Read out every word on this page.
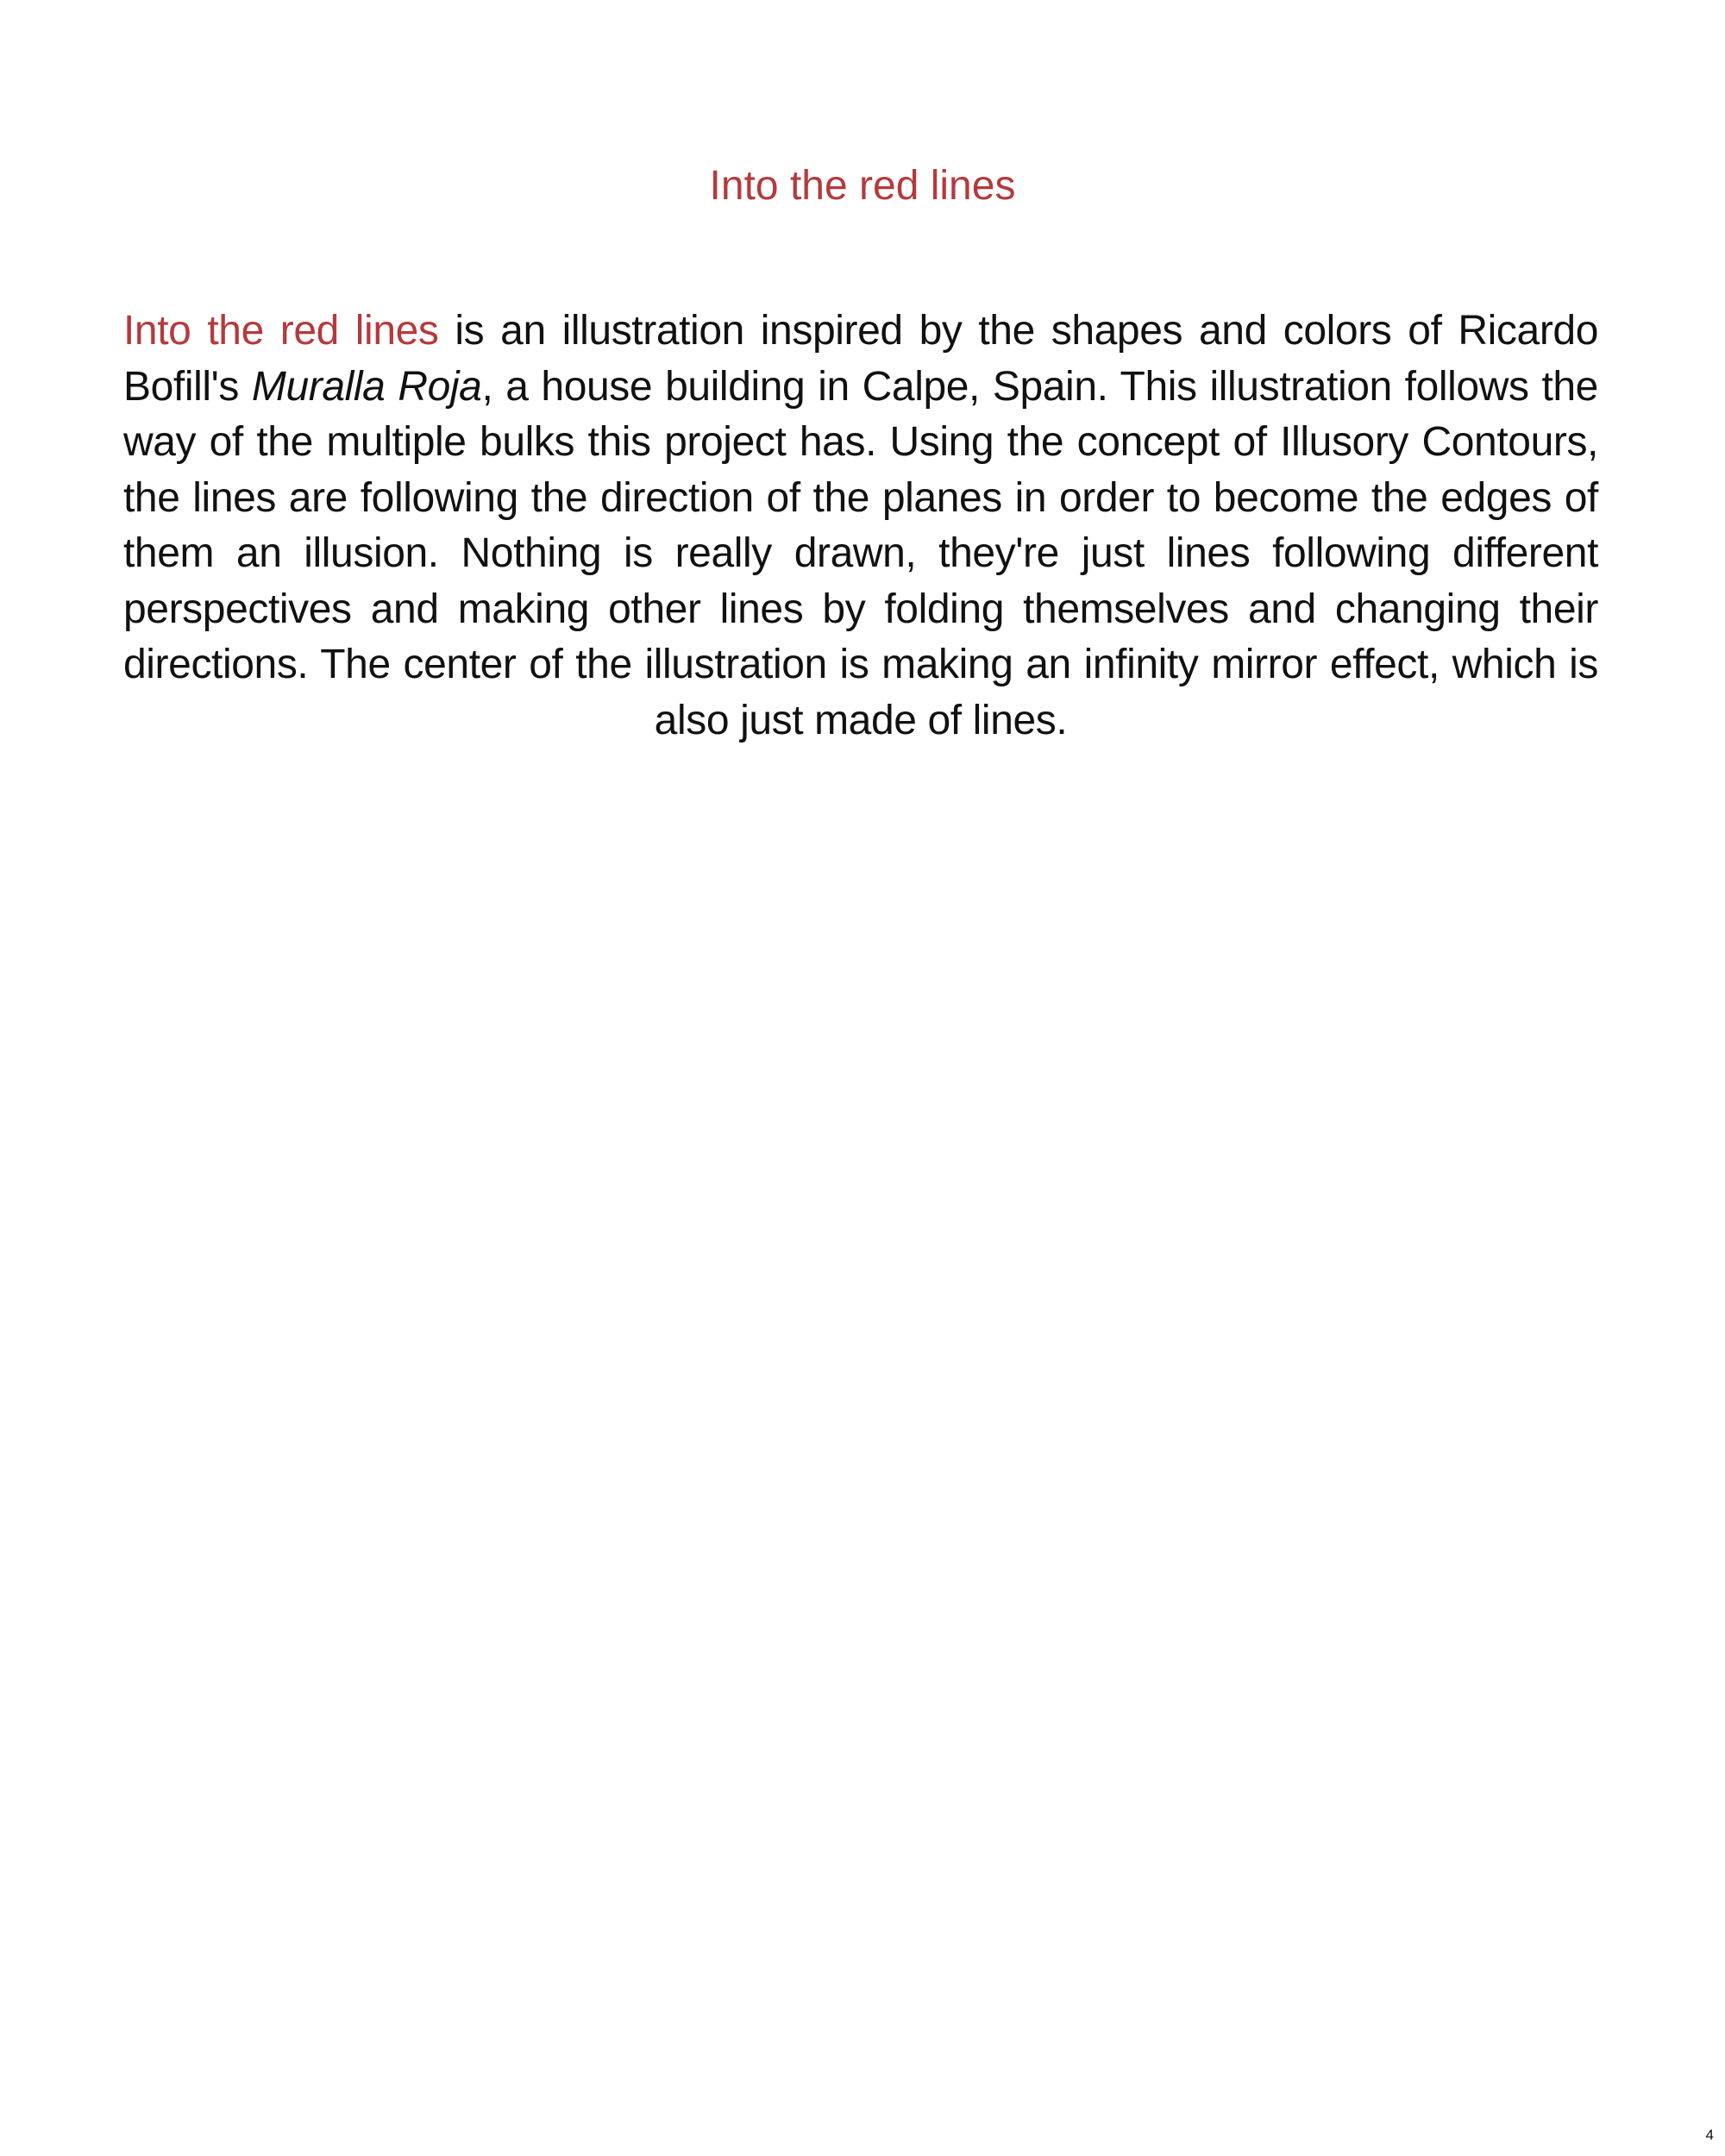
Into the red lines

Into the red lines is an illustration inspired by the shapes and colors of Ricardo Bofill's Muralla Roja, a house building in Calpe, Spain. This illustration follows the way of the multiple bulks this project has. Using the concept of Illusory Contours, the lines are following the direction of the planes in order to become the edges of them an illusion. Nothing is really drawn, they're just lines following different perspectives and making other lines by folding themselves and changing their directions. The center of the illustration is making an infinity mirror effect, which is also just made of lines.

4
